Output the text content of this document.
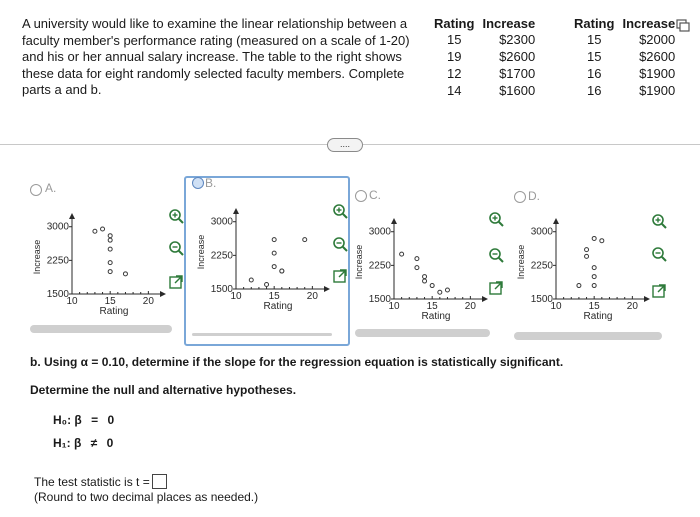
A university would like to examine the linear relationship between a faculty member's performance rating (measured on a scale of 1-20) and his or her annual salary increase. The table to the right shows these data for eight randomly selected faculty members. Complete parts a and b.

Rating	Increase
15	$2300
19	$2600
12	$1700
14	$1600
Rating	Increase
15	$2000
15	$2600
16	$1900
16	$1900
....
A.	B.
C.	D.
Increase
1500
2250
3000
10	15	20
Rating
Increase
1500
2250
3000
10	15	20
Rating
Increase
1500
2250
3000
10	15	20
Rating
Increase
1500
2250
3000
10	15	20
Rating
b. Using α = 0.10, determine if the slope for the regression equation is statistically significant.
Determine the null and alternative hypotheses.
H₀: β = 0
H₁: β ≠ 0
The test statistic is t =
(Round to two decimal places as needed.)
